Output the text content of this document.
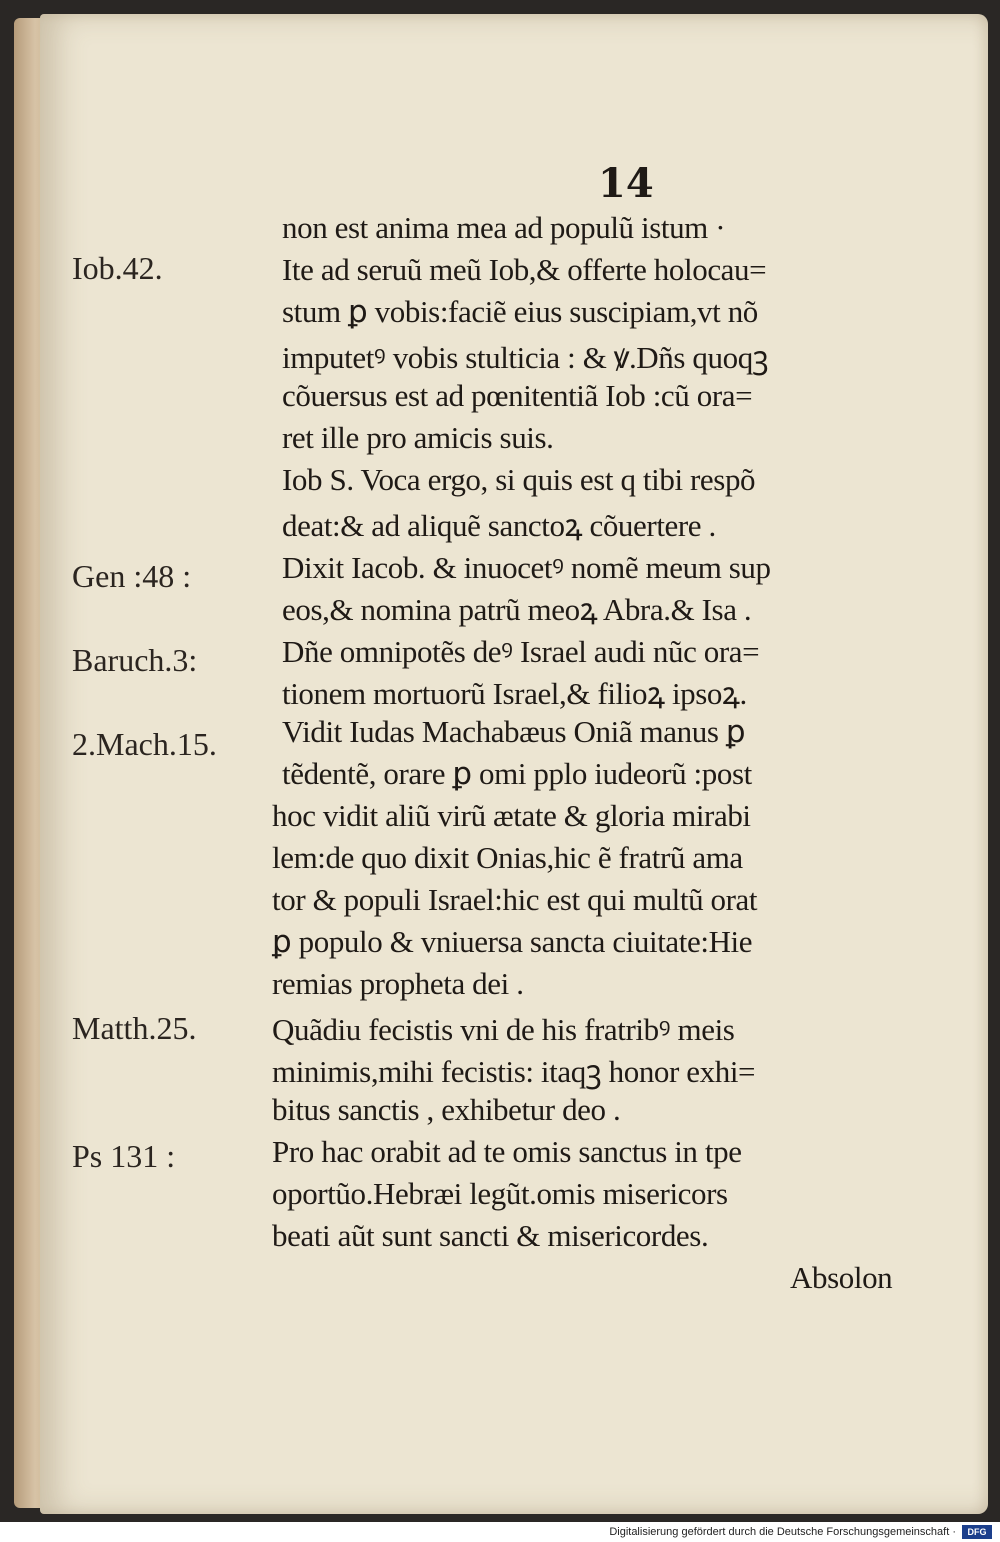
14
Iob.42.
Gen :48 :
Baruch.3:
2.Mach.15.
Matth.25.
Ps 131 :
non est anima mea ad populũ istum ·
Ite ad seruũ meũ Iob,& offerte holocau=
stum ꝑ vobis:faciẽ eius suscipiam,vt nõ
imputetꝰ vobis stulticia : & ꝟ.Dñs quoqꝫ
cõuersus est ad pœnitentiã Iob :cũ ora=
ret ille pro amicis suis.
Iob S. Voca ergo, si quis est q tibi respõ
deat:& ad aliquẽ sanctoꝝ cõuertere .
Dixit Iacob. & inuocetꝰ nomẽ meum sup
eos,& nomina patrũ meoꝝ Abra.& Isa .
Dñe omnipotẽs deꝰ Israel audi nũc ora=
tionem mortuorũ Israel,& filioꝝ ipsoꝝ.
Vidit Iudas Machabæus Oniã manus ꝑ
tẽdentẽ, orare ꝑ omi pplo iudeorũ :post
hoc vidit aliũ virũ ætate & gloria mirabi
lem:de quo dixit Onias,hic ẽ fratrũ ama
tor & populi Israel:hic est qui multũ orat
ꝑ populo & vniuersa sancta ciuitate:Hie
remias propheta dei .
Quãdiu fecistis vni de his fratribꝰ meis
minimis,mihi fecistis: itaqꝫ honor exhi=
bitus sanctis , exhibetur deo .
Pro hac orabit ad te omis sanctus in tpe
oportũo.Hebræi legũt.omis misericors
beati aũt sunt sancti & misericordes.
Absolon
Digitalisierung gefördert durch die Deutsche Forschungsgemeinschaft ·	DFG
